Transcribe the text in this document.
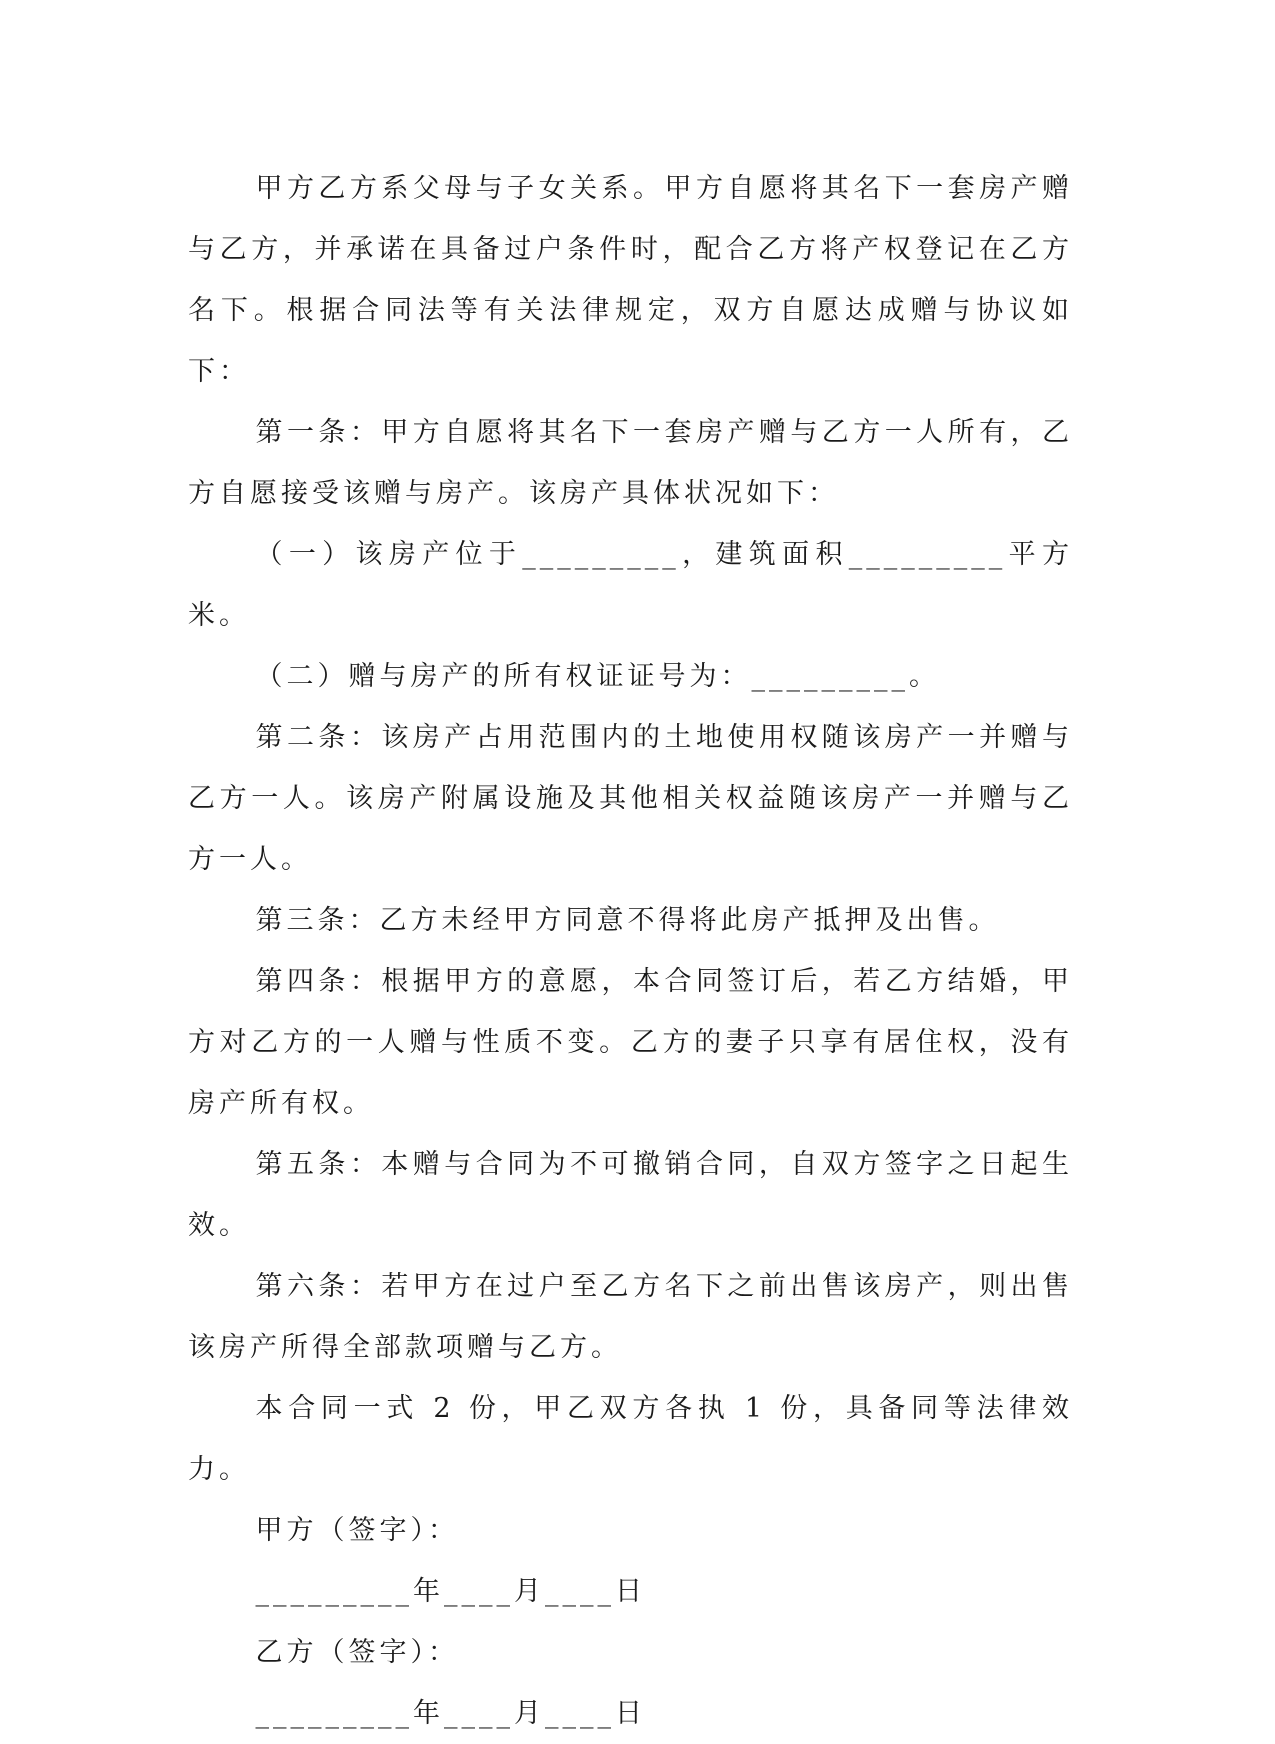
甲方乙方系父母与子女关系。甲方自愿将其名下一套房产赠与乙方，并承诺在具备过户条件时，配合乙方将产权登记在乙方名下。根据合同法等有关法律规定，双方自愿达成赠与协议如下：

第一条：甲方自愿将其名下一套房产赠与乙方一人所有，乙方自愿接受该赠与房产。该房产具体状况如下：

（一）该房产位于_________，建筑面积_________平方米。

（二）赠与房产的所有权证证号为：_________。

第二条：该房产占用范围内的土地使用权随该房产一并赠与乙方一人。该房产附属设施及其他相关权益随该房产一并赠与乙方一人。

第三条：乙方未经甲方同意不得将此房产抵押及出售。

第四条：根据甲方的意愿，本合同签订后，若乙方结婚，甲方对乙方的一人赠与性质不变。乙方的妻子只享有居住权，没有房产所有权。

第五条：本赠与合同为不可撤销合同，自双方签字之日起生效。

第六条：若甲方在过户至乙方名下之前出售该房产，则出售该房产所得全部款项赠与乙方。

本合同一式 2 份，甲乙双方各执 1 份，具备同等法律效力。

甲方（签字）：

_________年____月____日

乙方（签字）：

_________年____月____日
